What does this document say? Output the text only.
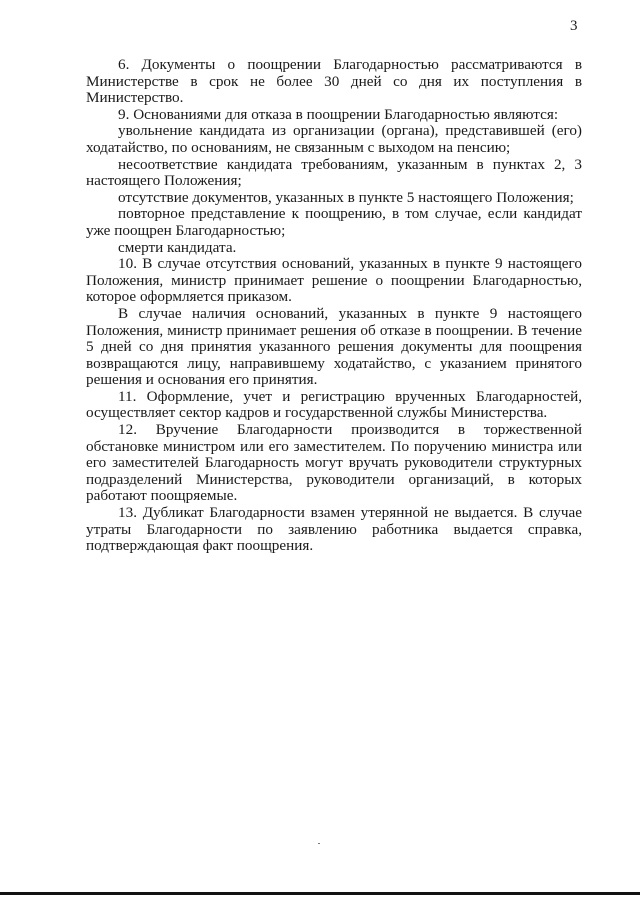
3

6. Документы о поощрении Благодарностью рассматриваются в Министерстве в срок не более 30 дней со дня их поступления в Министерство.

9. Основаниями для отказа в поощрении Благодарностью являются:

увольнение кандидата из организации (органа), представившей (его) ходатайство, по основаниям, не связанным с выходом на пенсию;

несоответствие кандидата требованиям, указанным в пунктах 2, 3 настоящего Положения;

отсутствие документов, указанных в пункте 5 настоящего Положения;

повторное представление к поощрению, в том случае, если кандидат уже поощрен Благодарностью;

смерти кандидата.

10. В случае отсутствия оснований, указанных в пункте 9 настоящего Положения, министр принимает решение о поощрении Благодарностью, которое оформляется приказом.

В случае наличия оснований, указанных в пункте 9 настоящего Положения, министр принимает решения об отказе в поощрении. В течение 5 дней со дня принятия указанного решения документы для поощрения возвращаются лицу, направившему ходатайство, с указанием принятого решения и основания его принятия.

11. Оформление, учет и регистрацию врученных Благодарностей, осуществляет сектор кадров и государственной службы Министерства.

12. Вручение Благодарности производится в торжественной обстановке министром или его заместителем. По поручению министра или его заместителей Благодарность могут вручать руководители структурных подразделений Министерства, руководители организаций, в которых работают поощряемые.

13. Дубликат Благодарности взамен утерянной не выдается. В случае утраты Благодарности по заявлению работника выдается справка, подтверждающая факт поощрения.
